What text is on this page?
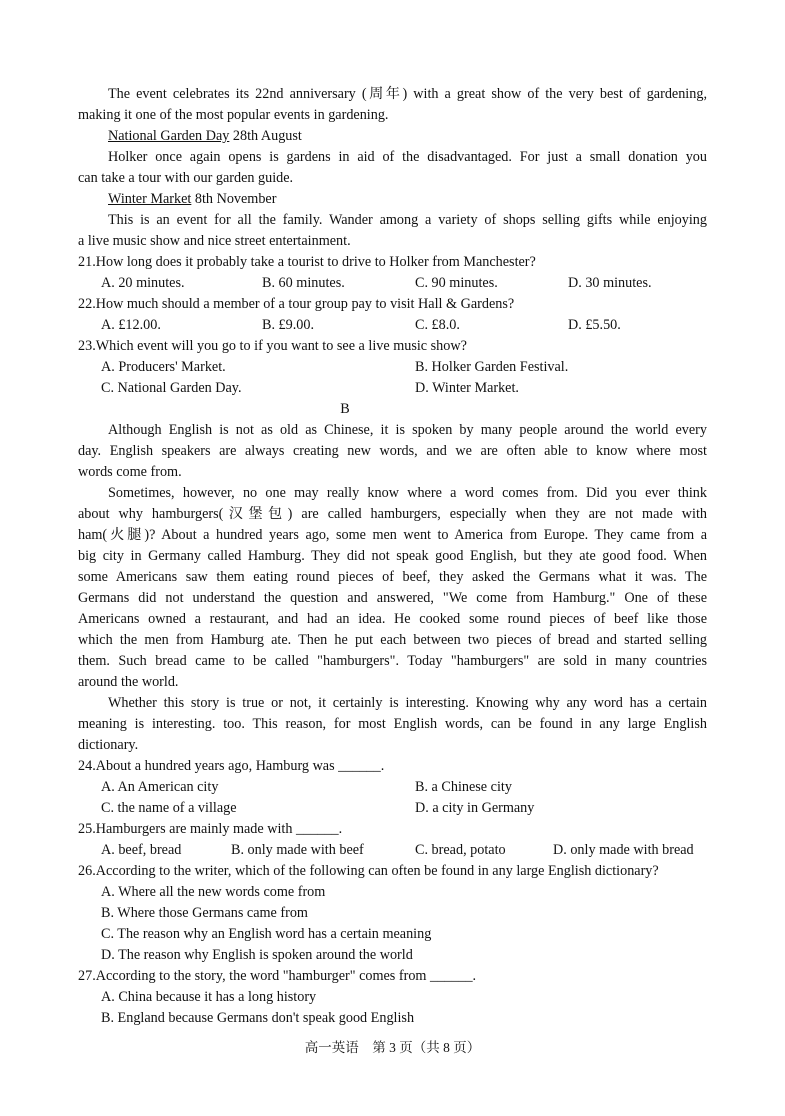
The event celebrates its 22nd anniversary (周年) with a great show of the very best of gardening,
making it one of the most popular events in gardening.
National Garden Day 28th August
Holker once again opens is gardens in aid of the disadvantaged. For just a small donation you
can take a tour with our garden guide.
Winter Market 8th November
This is an event for all the family. Wander among a variety of shops selling gifts while enjoying
a live music show and nice street entertainment.
21.How long does it probably take a tourist to drive to Holker from Manchester?
A. 20 minutes.	B. 60 minutes.	C. 90 minutes.	D. 30 minutes.
22.How much should a member of a tour group pay to visit Hall & Gardens?
A. £12.00.	B. £9.00.	C. £8.0.	D. £5.50.
23.Which event will you go to if you want to see a live music show?
A. Producers' Market.	B. Holker Garden Festival.
C. National Garden Day.	D. Winter Market.
B
Although English is not as old as Chinese, it is spoken by many people around the world every
day. English speakers are always creating new words, and we are often able to know where most
words come from.
Sometimes, however, no one may really know where a word comes from. Did you ever think
about why hamburgers(汉堡包) are called hamburgers, especially when they are not made with
ham(火腿)? About a hundred years ago, some men went to America from Europe. They came from a
big city in Germany called Hamburg. They did not speak good English, but they ate good food. When
some Americans saw them eating round pieces of beef, they asked the Germans what it was. The
Germans did not understand the question and answered, "We come from Hamburg." One of these
Americans owned a restaurant, and had an idea. He cooked some round pieces of beef like those
which the men from Hamburg ate. Then he put each between two pieces of bread and started selling
them. Such bread came to be called "hamburgers". Today "hamburgers" are sold in many countries
around the world.
Whether this story is true or not, it certainly is interesting. Knowing why any word has a certain
meaning is interesting. too. This reason, for most English words, can be found in any large English
dictionary.
24.About a hundred years ago, Hamburg was ______.
A. An American city	B. a Chinese city
C. the name of a village	D. a city in Germany
25.Hamburgers are mainly made with ______.
A. beef, bread	B. only made with beef	C. bread, potato	D. only made with bread
26.According to the writer, which of the following can often be found in any large English dictionary?
A. Where all the new words come from
B. Where those Germans came from
C. The reason why an English word has a certain meaning
D. The reason why English is spoken around the world
27.According to the story, the word "hamburger" comes from ______.
A. China because it has a long history
B. England because Germans don't speak good English
高一英语　第 3 页（共 8 页）
